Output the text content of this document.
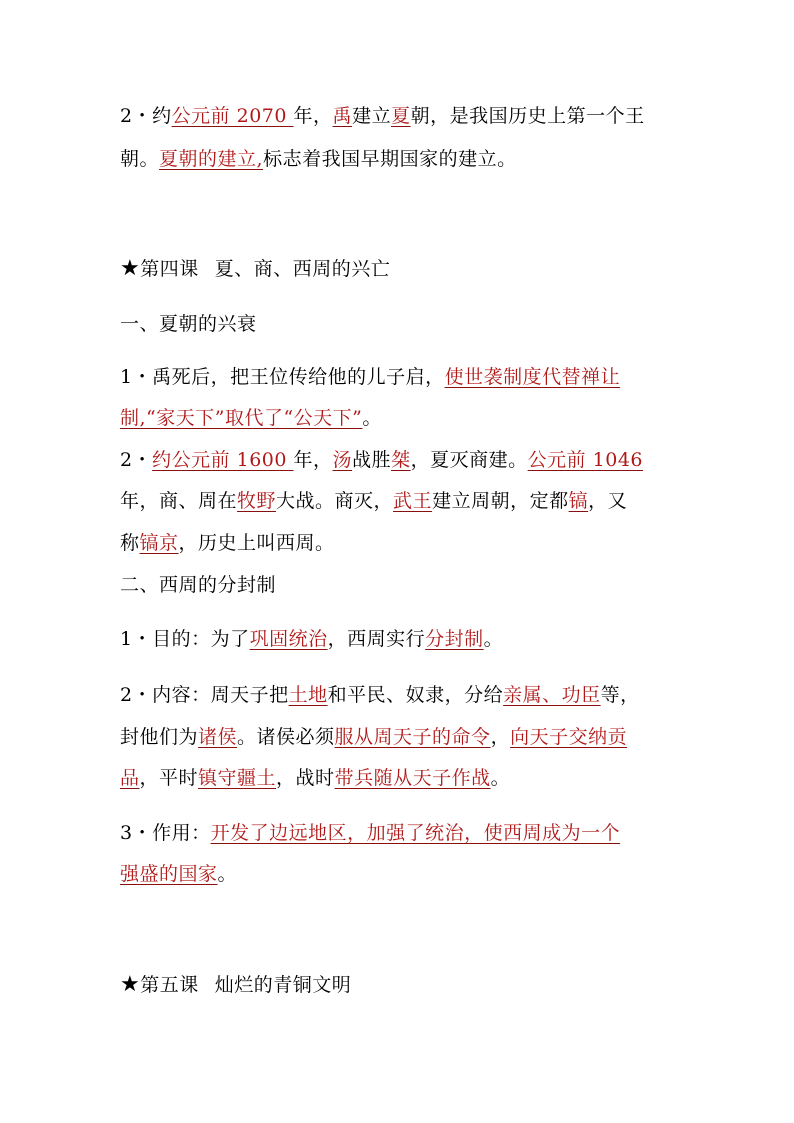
2・约公元前 2070 年，禹建立夏朝，是我国历史上第一个王
朝。夏朝的建立,标志着我国早期国家的建立。
★第四课 夏、商、西周的兴亡
一、夏朝的兴衰
1・禹死后，把王位传给他的儿子启，使世袭制度代替禅让
制,“家天下”取代了“公天下”。
2・约公元前 1600 年，汤战胜桀，夏灭商建。公元前 1046
年，商、周在牧野大战。商灭，武王建立周朝，定都镐，又
称镐京，历史上叫西周。
二、西周的分封制
1・目的：为了巩固统治，西周实行分封制。
2・内容：周天子把土地和平民、奴隶，分给亲属、功臣等，
封他们为诸侯。诸侯必须服从周天子的命令，向天子交纳贡
品，平时镇守疆土，战时带兵随从天子作战。
3・作用：开发了边远地区，加强了统治，使西周成为一个
强盛的国家。
★第五课 灿烂的青铜文明
